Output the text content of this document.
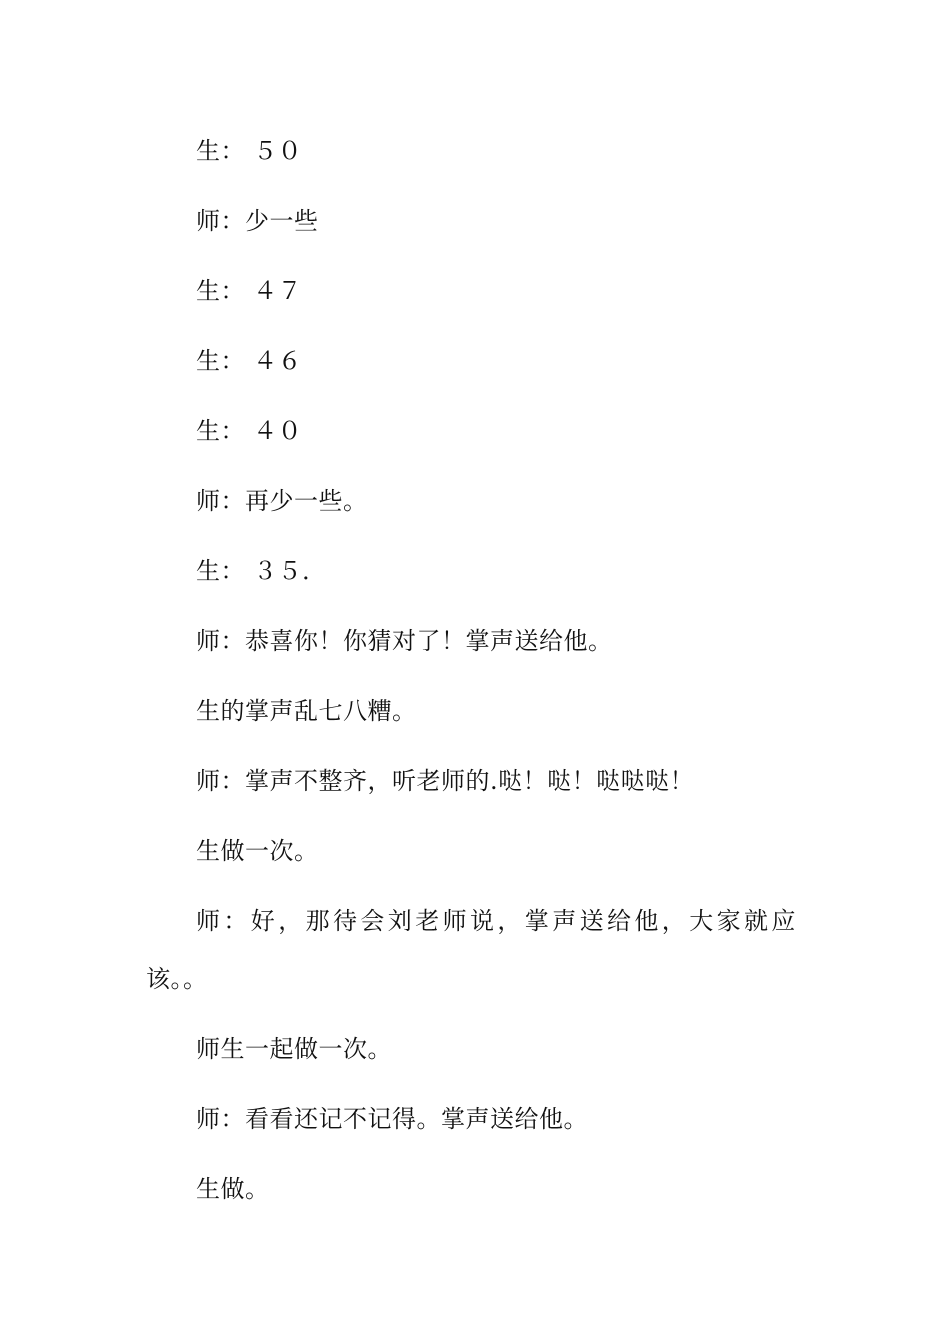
生： ５０
师：少一些
生： ４７
生： ４６
生： ４０
师：再少一些。
生： ３５．
师：恭喜你！你猜对了！掌声送给他。
生的掌声乱七八糟。
师：掌声不整齐，听老师的.哒！哒！哒哒哒！
生做一次。
师：好，那待会刘老师说，掌声送给他，大家就应
该。。
师生一起做一次。
师：看看还记不记得。掌声送给他。
生做。
